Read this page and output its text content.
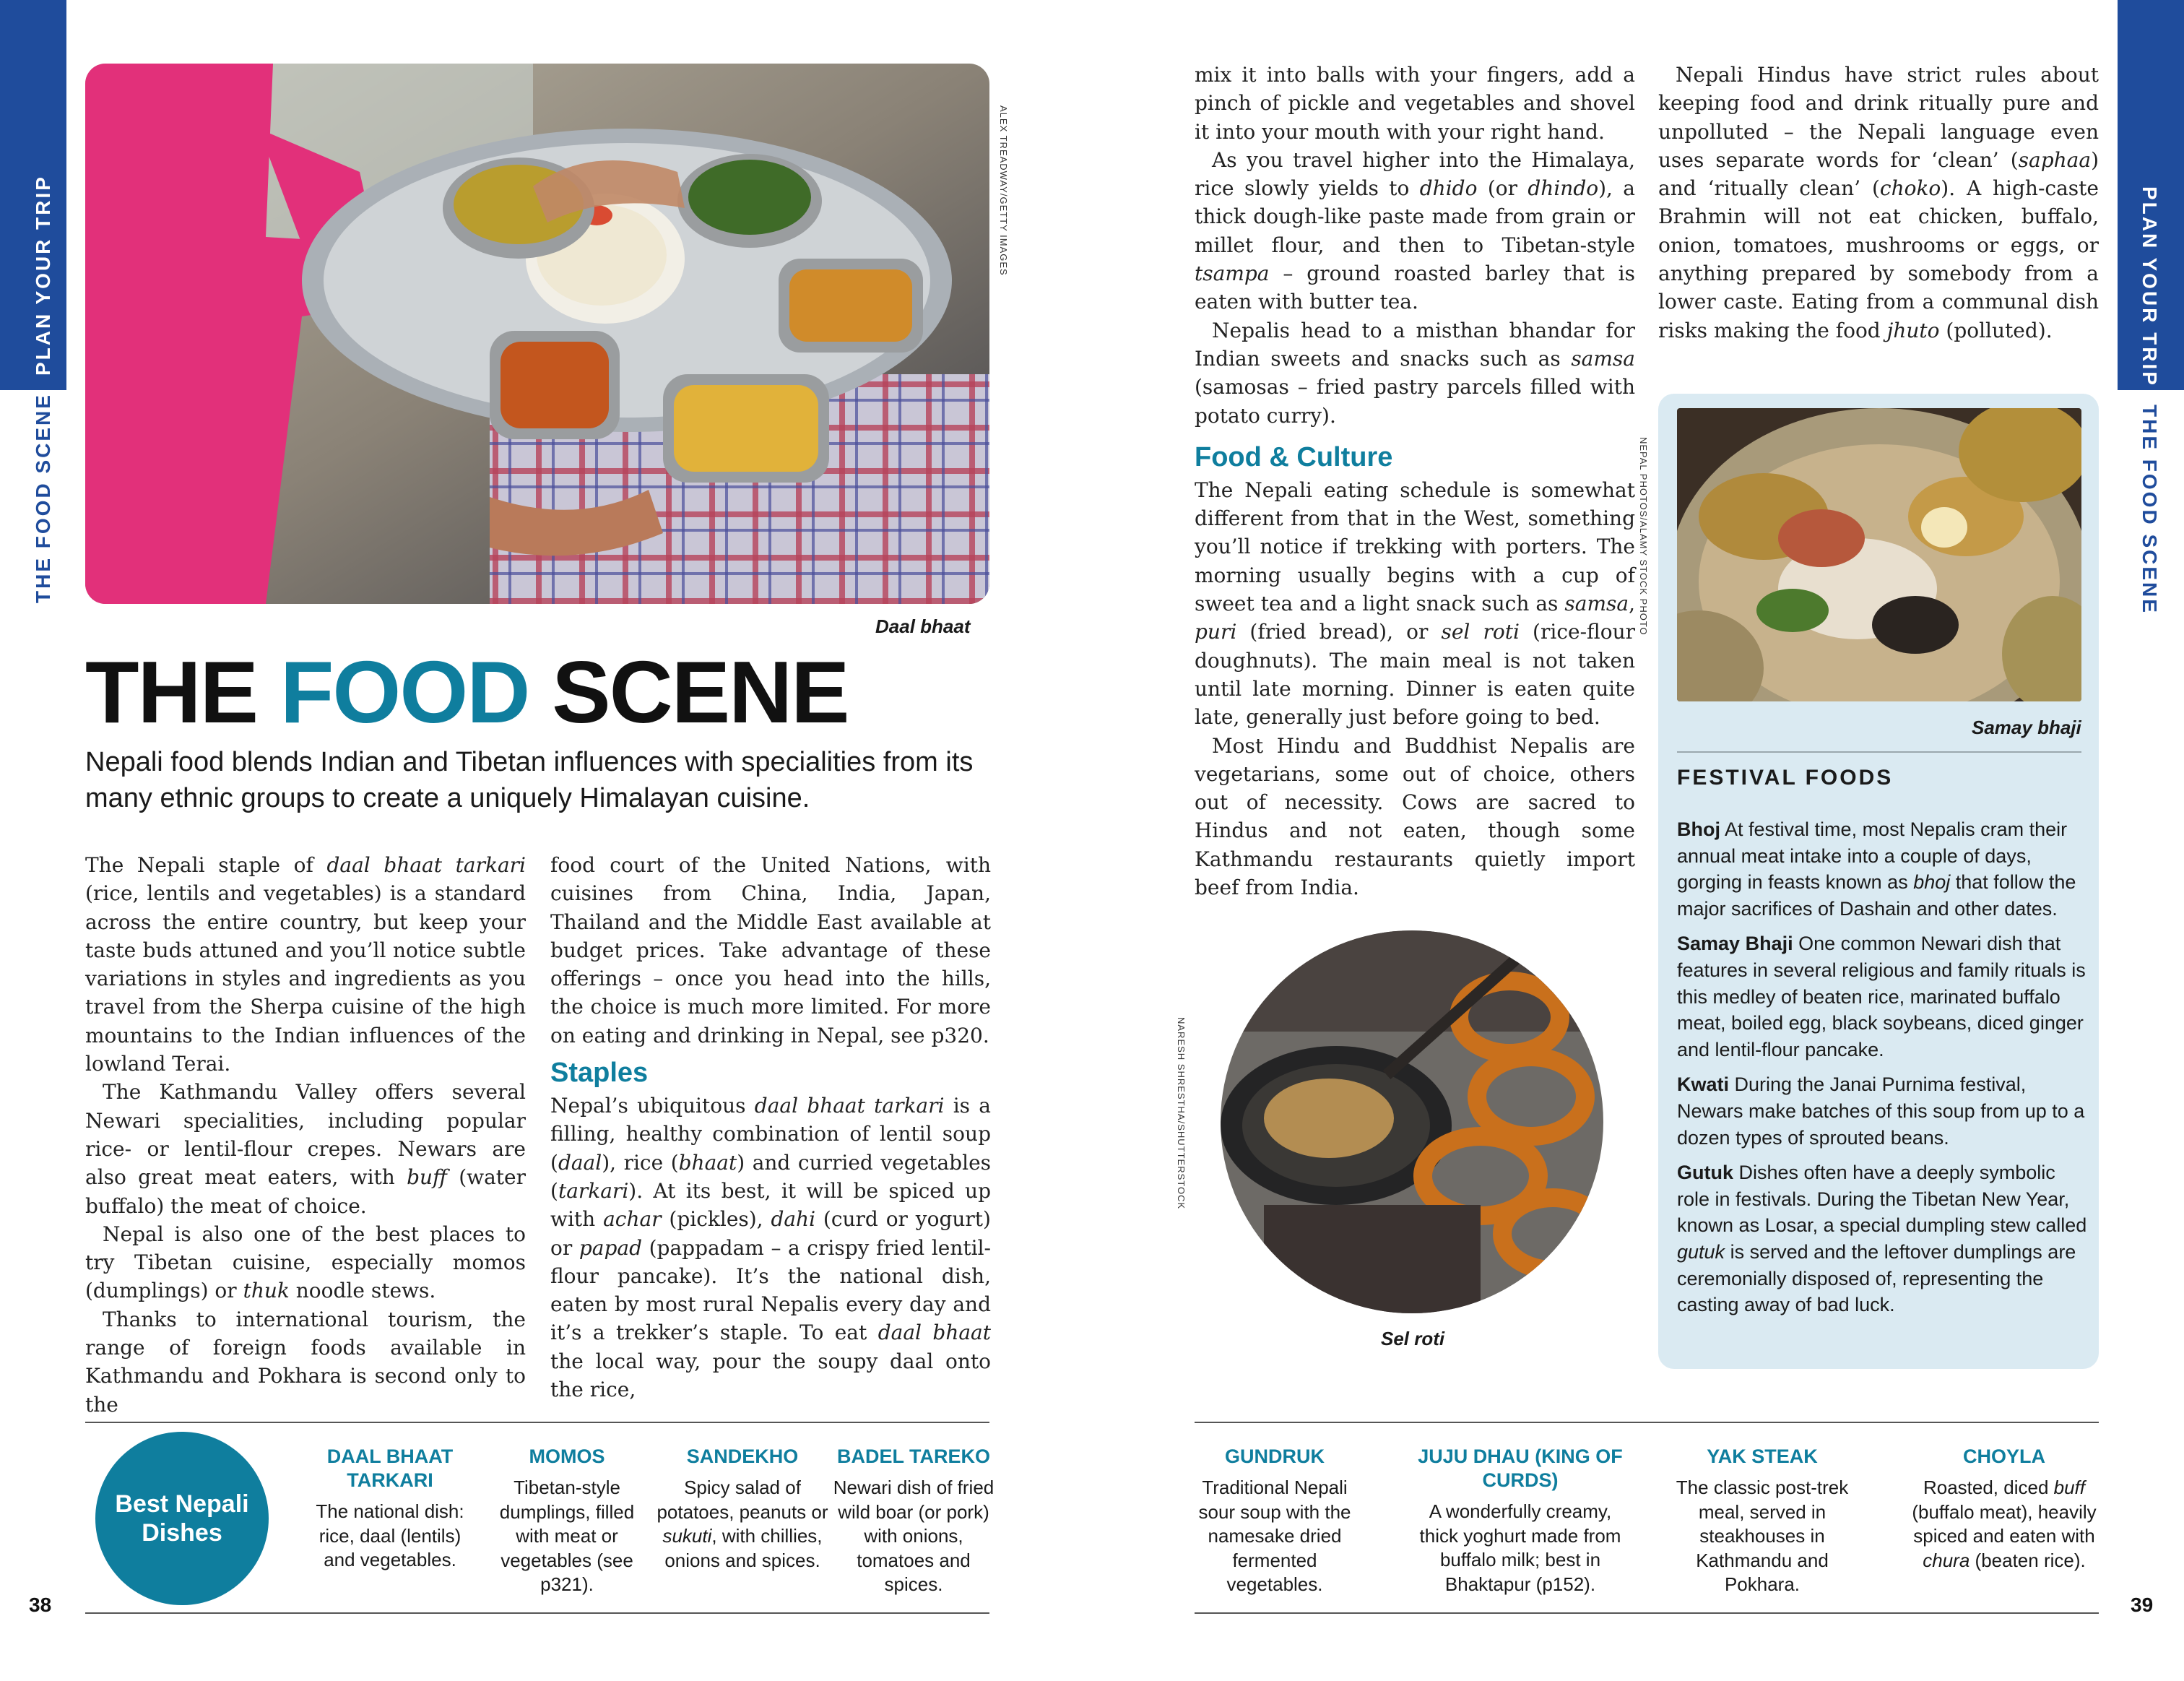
PLAN YOUR TRIP
THE FOOD SCENE
PLAN YOUR TRIP
THE FOOD SCENE
ALEX TREADWAY/GETTY IMAGES
Daal bhaat
THE FOOD SCENE
Nepali food blends Indian and Tibetan influences with specialities from its many ethnic groups to create a uniquely Himalayan cuisine.

The Nepali staple of daal bhaat tarkari (rice, lentils and vegetables) is a standard across the entire country, but keep your taste buds attuned and you’ll notice subtle variations in styles and ingredients as you travel from the Sherpa cuisine of the high mountains to the Indian influences of the lowland Terai.

The Kathmandu Valley offers several Newari specialities, including popular rice- or lentil-flour crepes. Newars are also great meat eaters, with buff (water buffalo) the meat of choice.

Nepal is also one of the best places to try Tibetan cuisine, especially momos (dumplings) or thuk noodle stews.

Thanks to international tourism, the range of foreign foods available in Kathmandu and Pokhara is second only to the

food court of the United Nations, with cuisines from China, India, Japan, Thailand and the Middle East available at budget prices. Take advantage of these offerings – once you head into the hills, the choice is much more limited. For more on eating and drinking in Nepal, see p320.

Staples

Nepal’s ubiquitous daal bhaat tarkari is a filling, healthy combination of lentil soup (daal), rice (bhaat) and curried vegetables (tarkari). At its best, it will be spiced up with achar (pickles), dahi (curd or yogurt) or papad (pappadam – a crispy fried lentil-flour pancake). It’s the national dish, eaten by most rural Nepalis every day and it’s a trekker’s staple. To eat daal bhaat the local way, pour the soupy daal onto the rice,

mix it into balls with your fingers, add a pinch of pickle and vegetables and shovel it into your mouth with your right hand.

As you travel higher into the Himalaya, rice slowly yields to dhido (or dhindo), a thick dough-like paste made from grain or millet flour, and then to Tibetan-style tsampa – ground roasted barley that is eaten with butter tea.

Nepalis head to a misthan bhandar for Indian sweets and snacks such as samsa (samosas – fried pastry parcels filled with potato curry).

Food & Culture

The Nepali eating schedule is somewhat different from that in the West, something you’ll notice if trekking with porters. The morning usually begins with a cup of sweet tea and a light snack such as samsa, puri (fried bread), or sel roti (rice-flour doughnuts). The main meal is not taken until late morning. Dinner is eaten quite late, generally just before going to bed.

Most Hindu and Buddhist Nepalis are vegetarians, some out of choice, others out of necessity. Cows are sacred to Hindus and not eaten, though some Kathmandu restaurants quietly import beef from India.

Nepali Hindus have strict rules about keeping food and drink ritually pure and unpolluted – the Nepali language even uses separate words for ‘clean’ (saphaa) and ‘ritually clean’ (choko). A high-caste Brahmin will not eat chicken, buffalo, onion, tomatoes, mushrooms or eggs, or anything prepared by somebody from a lower caste. Eating from a communal dish risks making the food jhuto (polluted).

NEPAL PHOTOS/ALAMY STOCK PHOTO
Samay bhaji
FESTIVAL FOODS
Bhoj At festival time, most Nepalis cram their annual meat intake into a couple of days, gorging in feasts known as bhoj that follow the major sacrifices of Dashain and other dates.
Samay Bhaji One common Newari dish that features in several religious and family rituals is this medley of beaten rice, marinated buffalo meat, boiled egg, black soybeans, diced ginger and lentil-flour pancake.
Kwati During the Janai Purnima festival, Newars make batches of this soup from up to a dozen types of sprouted beans.
Gutuk Dishes often have a deeply symbolic role in festivals. During the Tibetan New Year, known as Losar, a special dumpling stew called gutuk is served and the leftover dumplings are ceremonially disposed of, representing the casting away of bad luck.
NARESH SHRESTHA/SHUTTERSTOCK
Sel roti
Best Nepali Dishes
DAAL BHAAT TARKARI
The national dish: rice, daal (lentils) and vegetables.
MOMOS
Tibetan-style dumplings, filled with meat or vegetables (see p321).
SANDEKHO
Spicy salad of potatoes, peanuts or sukuti, with chillies, onions and spices.
BADEL TAREKO
Newari dish of fried wild boar (or pork) with onions, tomatoes and spices.
GUNDRUK
Traditional Nepali sour soup with the namesake dried fermented vegetables.
JUJU DHAU (KING OF CURDS)
A wonderfully creamy, thick yoghurt made from buffalo milk; best in Bhaktapur (p152).
YAK STEAK
The classic post-trek meal, served in steakhouses in Kathmandu and Pokhara.
CHOYLA
Roasted, diced buff (buffalo meat), heavily spiced and eaten with chura (beaten rice).
38	39
